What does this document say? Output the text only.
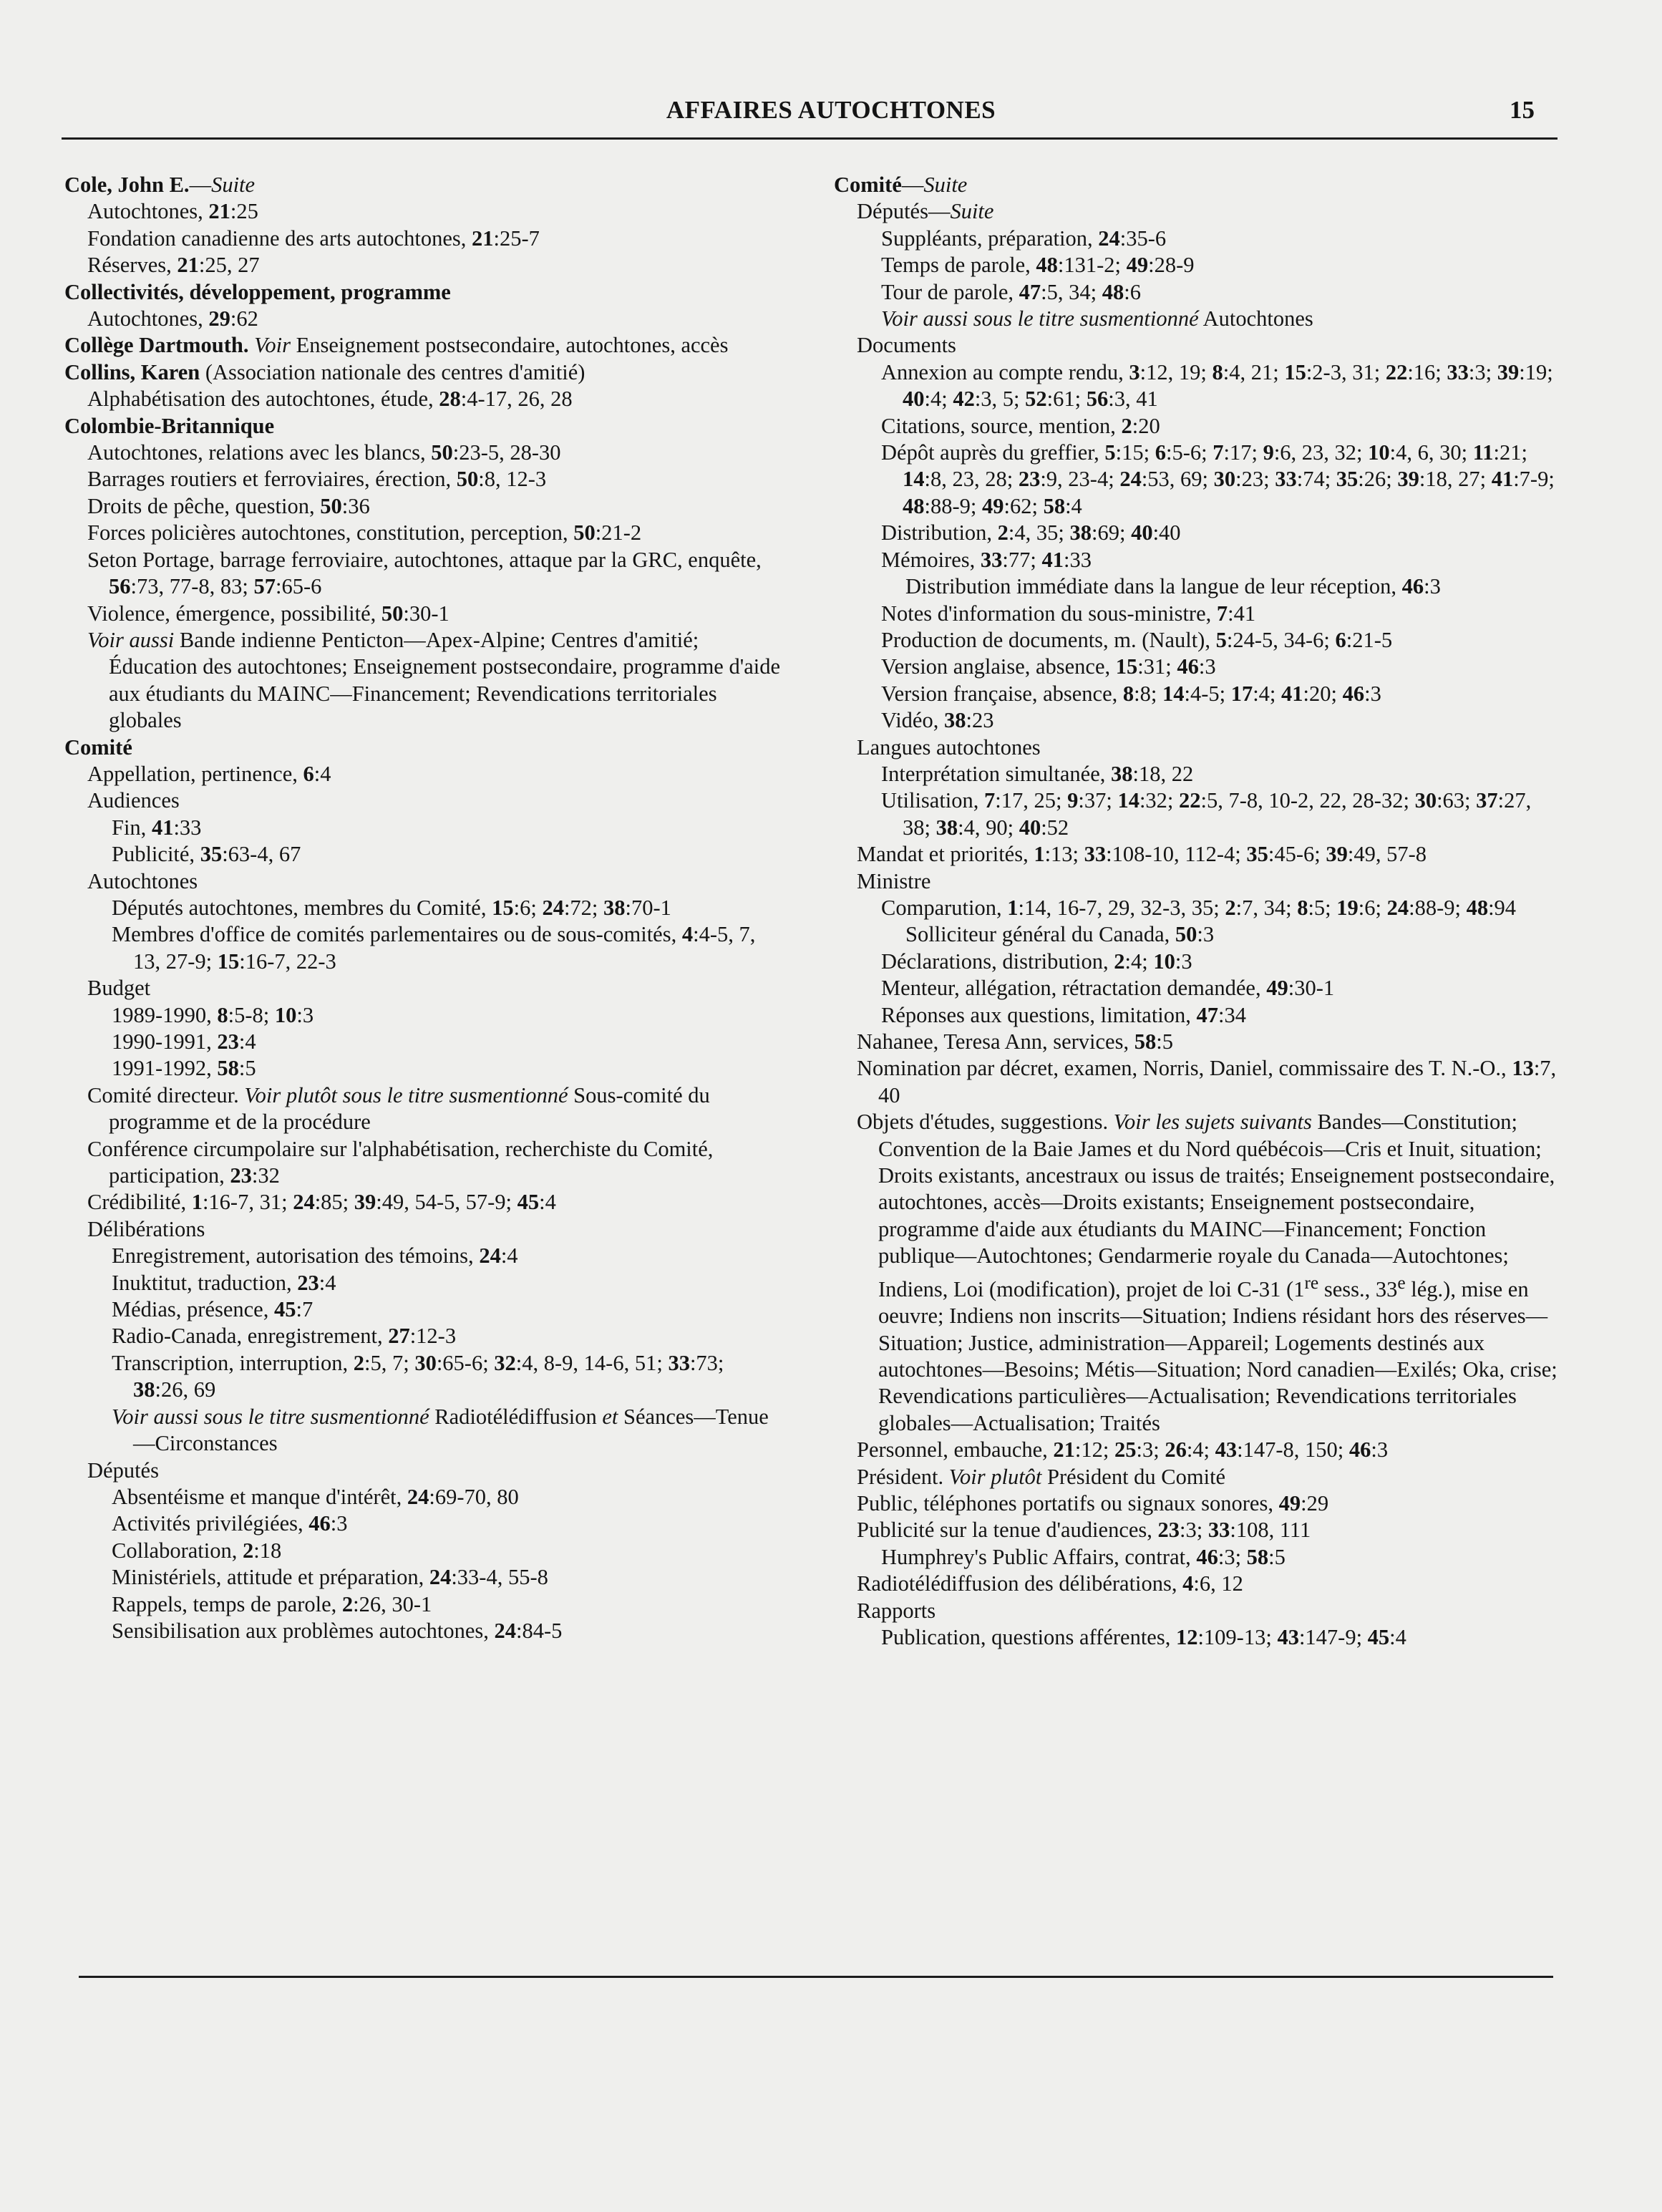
AFFAIRES AUTOCHTONES	15
Cole, John E.—Suite
Autochtones, 21:25
Fondation canadienne des arts autochtones, 21:25-7
Réserves, 21:25, 27
Collectivités, développement, programme
Autochtones, 29:62
Collège Dartmouth. Voir Enseignement postsecondaire, autochtones, accès
Collins, Karen (Association nationale des centres d'amitié)
Alphabétisation des autochtones, étude, 28:4-17, 26, 28
Colombie-Britannique
Autochtones, relations avec les blancs, 50:23-5, 28-30
Barrages routiers et ferroviaires, érection, 50:8, 12-3
Droits de pêche, question, 50:36
Forces policières autochtones, constitution, perception, 50:21-2
Seton Portage, barrage ferroviaire, autochtones, attaque par la GRC, enquête, 56:73, 77-8, 83; 57:65-6
Violence, émergence, possibilité, 50:30-1
Voir aussi Bande indienne Penticton—Apex-Alpine; Centres d'amitié; Éducation des autochtones; Enseignement postsecondaire, programme d'aide aux étudiants du MAINC—Financement; Revendications territoriales globales
Comité
Appellation, pertinence, 6:4
Audiences
Fin, 41:33
Publicité, 35:63-4, 67
Autochtones
Députés autochtones, membres du Comité, 15:6; 24:72; 38:70-1
Membres d'office de comités parlementaires ou de sous-comités, 4:4-5, 7, 13, 27-9; 15:16-7, 22-3
Budget
1989-1990, 8:5-8; 10:3
1990-1991, 23:4
1991-1992, 58:5
Comité directeur. Voir plutôt sous le titre susmentionné Sous-comité du programme et de la procédure
Conférence circumpolaire sur l'alphabétisation, recherchiste du Comité, participation, 23:32
Crédibilité, 1:16-7, 31; 24:85; 39:49, 54-5, 57-9; 45:4
Délibérations
Enregistrement, autorisation des témoins, 24:4
Inuktitut, traduction, 23:4
Médias, présence, 45:7
Radio-Canada, enregistrement, 27:12-3
Transcription, interruption, 2:5, 7; 30:65-6; 32:4, 8-9, 14-6, 51; 33:73; 38:26, 69
Voir aussi sous le titre susmentionné Radiotélédiffusion et Séances—Tenue—Circonstances
Députés
Absentéisme et manque d'intérêt, 24:69-70, 80
Activités privilégiées, 46:3
Collaboration, 2:18
Ministériels, attitude et préparation, 24:33-4, 55-8
Rappels, temps de parole, 2:26, 30-1
Sensibilisation aux problèmes autochtones, 24:84-5
Comité—Suite
Députés—Suite
Suppléants, préparation, 24:35-6
Temps de parole, 48:131-2; 49:28-9
Tour de parole, 47:5, 34; 48:6
Voir aussi sous le titre susmentionné Autochtones
Documents
Annexion au compte rendu, 3:12, 19; 8:4, 21; 15:2-3, 31; 22:16; 33:3; 39:19; 40:4; 42:3, 5; 52:61; 56:3, 41
Citations, source, mention, 2:20
Dépôt auprès du greffier, 5:15; 6:5-6; 7:17; 9:6, 23, 32; 10:4, 6, 30; 11:21; 14:8, 23, 28; 23:9, 23-4; 24:53, 69; 30:23; 33:74; 35:26; 39:18, 27; 41:7-9; 48:88-9; 49:62; 58:4
Distribution, 2:4, 35; 38:69; 40:40
Mémoires, 33:77; 41:33
Distribution immédiate dans la langue de leur réception, 46:3
Notes d'information du sous-ministre, 7:41
Production de documents, m. (Nault), 5:24-5, 34-6; 6:21-5
Version anglaise, absence, 15:31; 46:3
Version française, absence, 8:8; 14:4-5; 17:4; 41:20; 46:3
Vidéo, 38:23
Langues autochtones
Interprétation simultanée, 38:18, 22
Utilisation, 7:17, 25; 9:37; 14:32; 22:5, 7-8, 10-2, 22, 28-32; 30:63; 37:27, 38; 38:4, 90; 40:52
Mandat et priorités, 1:13; 33:108-10, 112-4; 35:45-6; 39:49, 57-8
Ministre
Comparution, 1:14, 16-7, 29, 32-3, 35; 2:7, 34; 8:5; 19:6; 24:88-9; 48:94
Solliciteur général du Canada, 50:3
Déclarations, distribution, 2:4; 10:3
Menteur, allégation, rétractation demandée, 49:30-1
Réponses aux questions, limitation, 47:34
Nahanee, Teresa Ann, services, 58:5
Nomination par décret, examen, Norris, Daniel, commissaire des T. N.-O., 13:7, 40
Objets d'études, suggestions. Voir les sujets suivants Bandes—Constitution; Convention de la Baie James et du Nord québécois—Cris et Inuit, situation; Droits existants, ancestraux ou issus de traités; Enseignement postsecondaire, autochtones, accès—Droits existants; Enseignement postsecondaire, programme d'aide aux étudiants du MAINC—Financement; Fonction publique—Autochtones; Gendarmerie royale du Canada—Autochtones; Indiens, Loi (modification), projet de loi C-31 (1re sess., 33e lég.), mise en oeuvre; Indiens non inscrits—Situation; Indiens résidant hors des réserves—Situation; Justice, administration—Appareil; Logements destinés aux autochtones—Besoins; Métis—Situation; Nord canadien—Exilés; Oka, crise; Revendications particulières—Actualisation; Revendications territoriales globales—Actualisation; Traités
Personnel, embauche, 21:12; 25:3; 26:4; 43:147-8, 150; 46:3
Président. Voir plutôt Président du Comité
Public, téléphones portatifs ou signaux sonores, 49:29
Publicité sur la tenue d'audiences, 23:3; 33:108, 111
Humphrey's Public Affairs, contrat, 46:3; 58:5
Radiotélédiffusion des délibérations, 4:6, 12
Rapports
Publication, questions afférentes, 12:109-13; 43:147-9; 45:4
